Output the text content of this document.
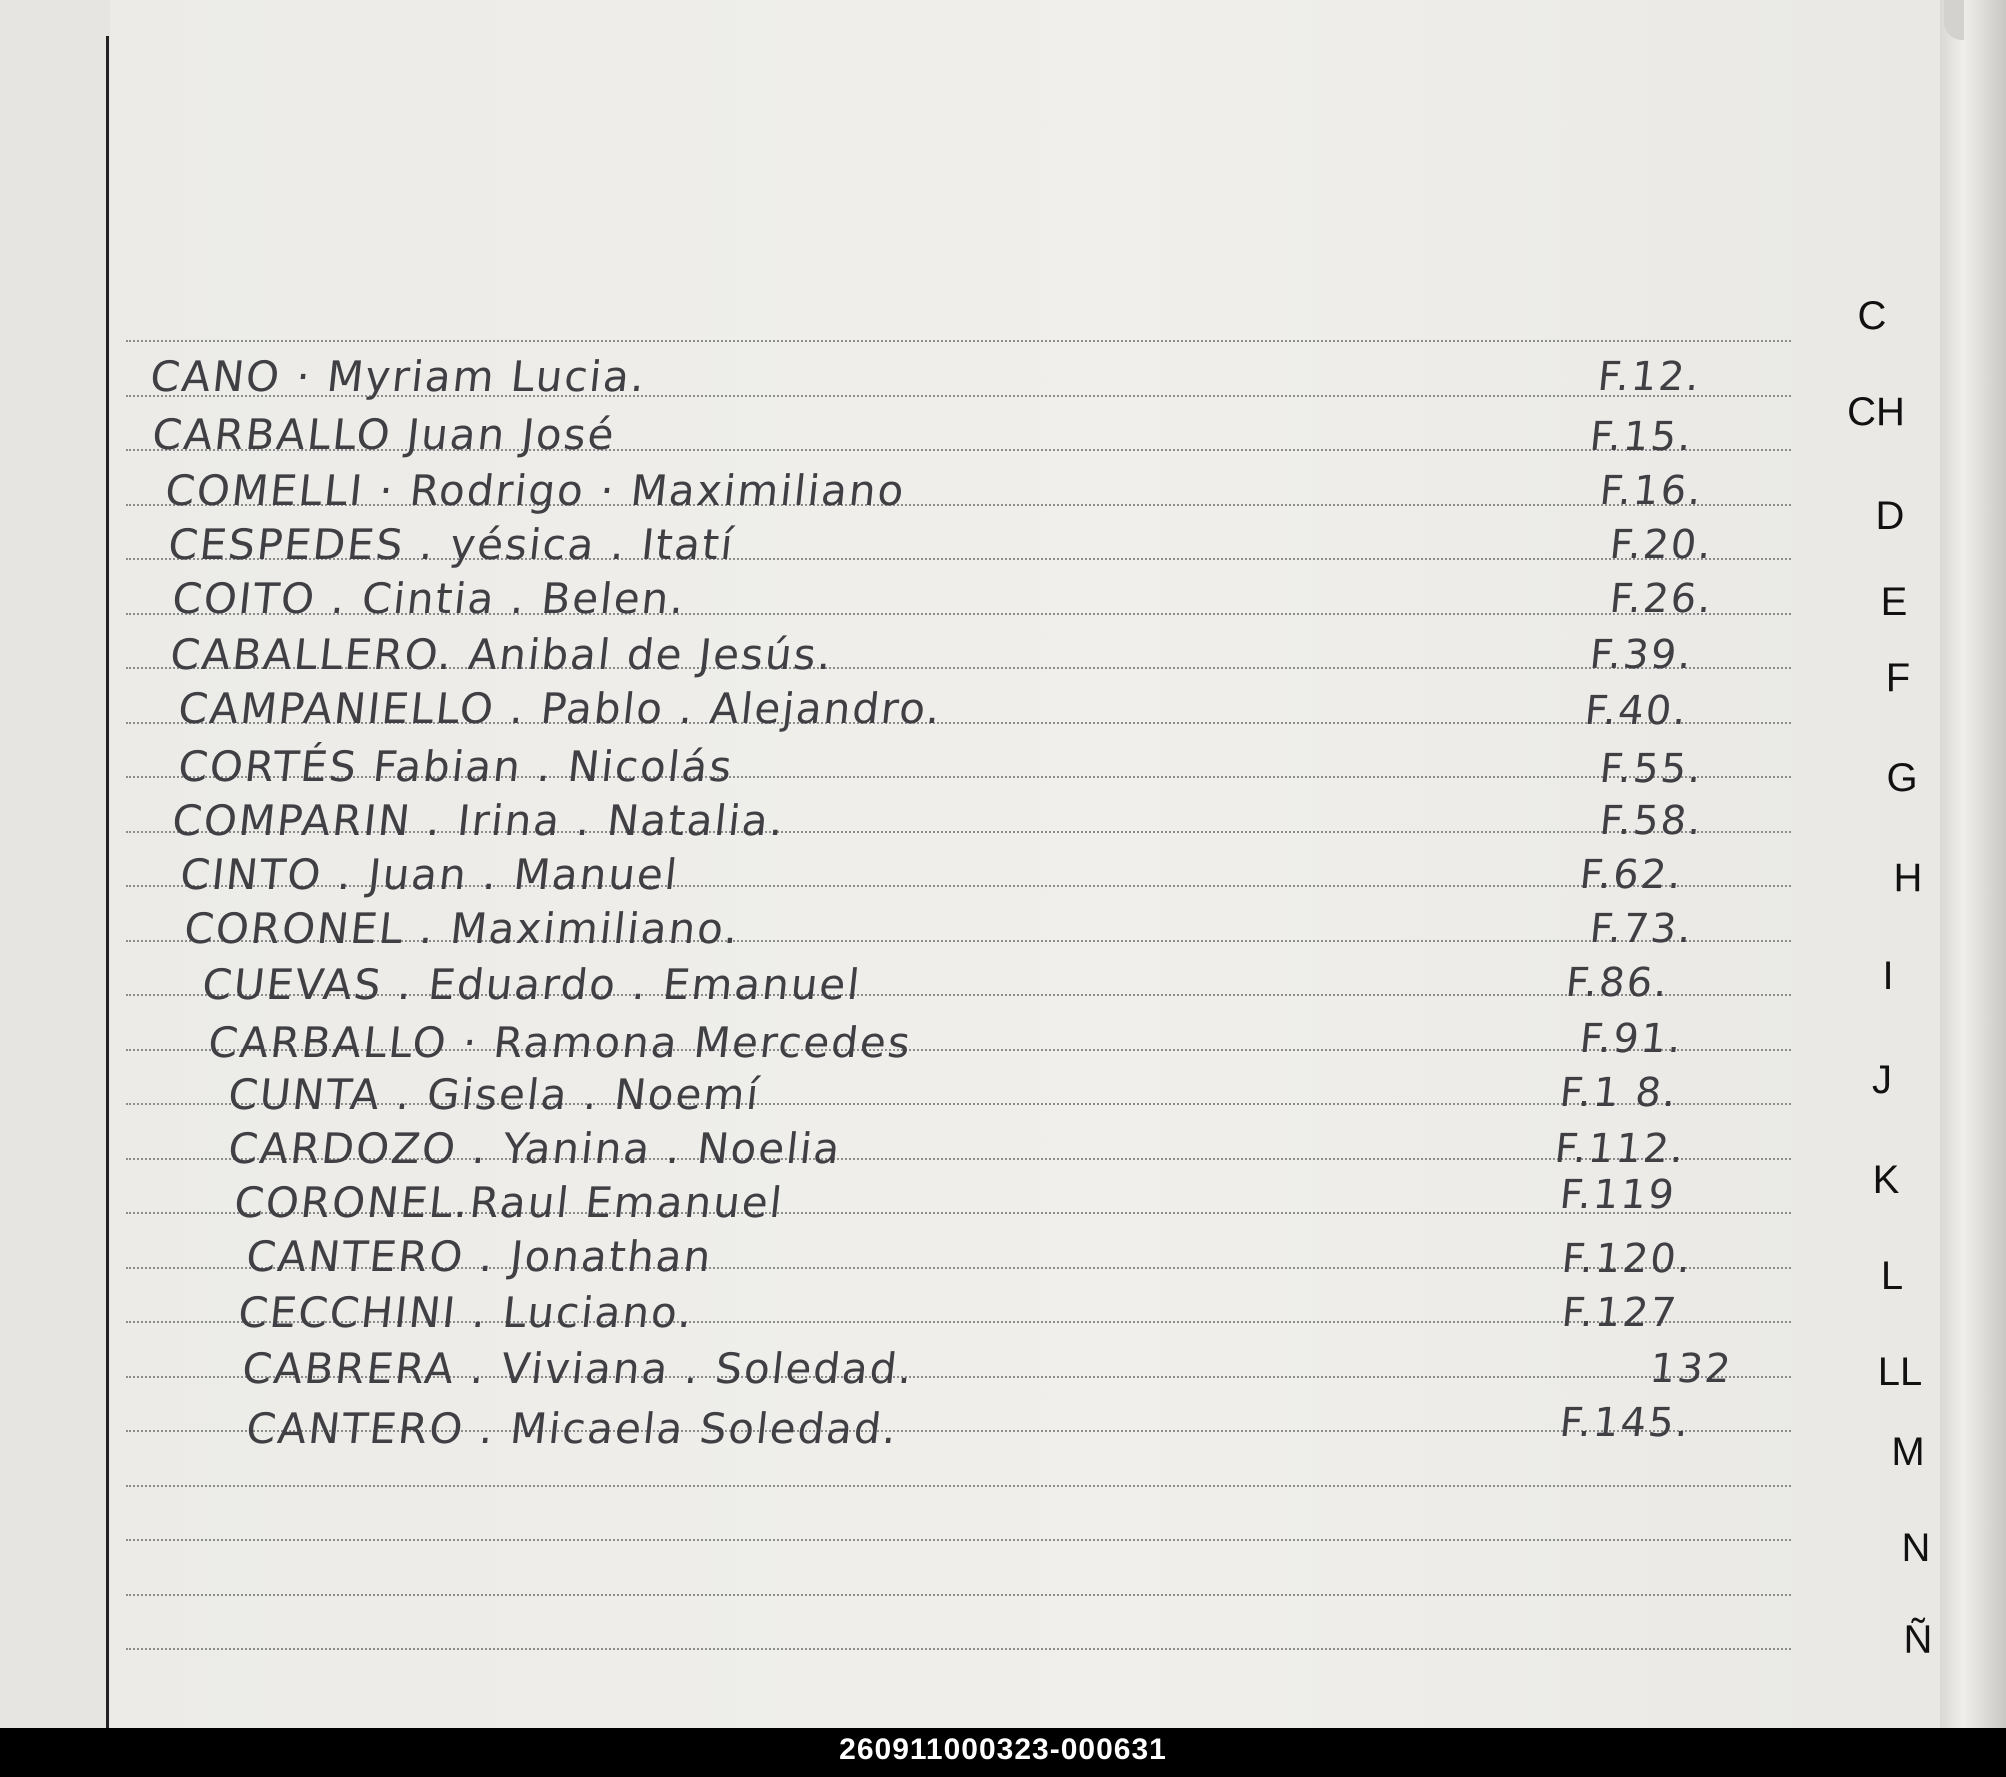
CANO · Myriam Lucia.	F.12.
CARBALLO Juan José	F.15.
COMELLI · Rodrigo · Maximiliano	F.16.
CESPEDES . yésica . Itatí	F.20.
COITO . Cintia . Belen.	F.26.
CABALLERO. Anibal de Jesús.	F.39.
CAMPANIELLO . Pablo . Alejandro.	F.40.
CORTÉS Fabian . Nicolás	F.55.
COMPARIN . Irina . Natalia.	F.58.
CINTO . Juan . Manuel	F.62.
CORONEL . Maximiliano.	F.73.
CUEVAS . Eduardo . Emanuel	F.86.
CARBALLO · Ramona Mercedes	F.91.
CUNTA . Gisela . Noemí	F.1 8.
CARDOZO . Yanina . Noelia	F.112.
CORONEL.Raul Emanuel	F.119
CANTERO . Jonathan	F.120.
CECCHINI . Luciano.	F.127
CABRERA . Viviana . Soledad.	132
CANTERO . Micaela Soledad.	F.145.
C
CH
D
E
F
G
H
I
J
K
L
LL
M
N
Ñ
260911000323-000631
